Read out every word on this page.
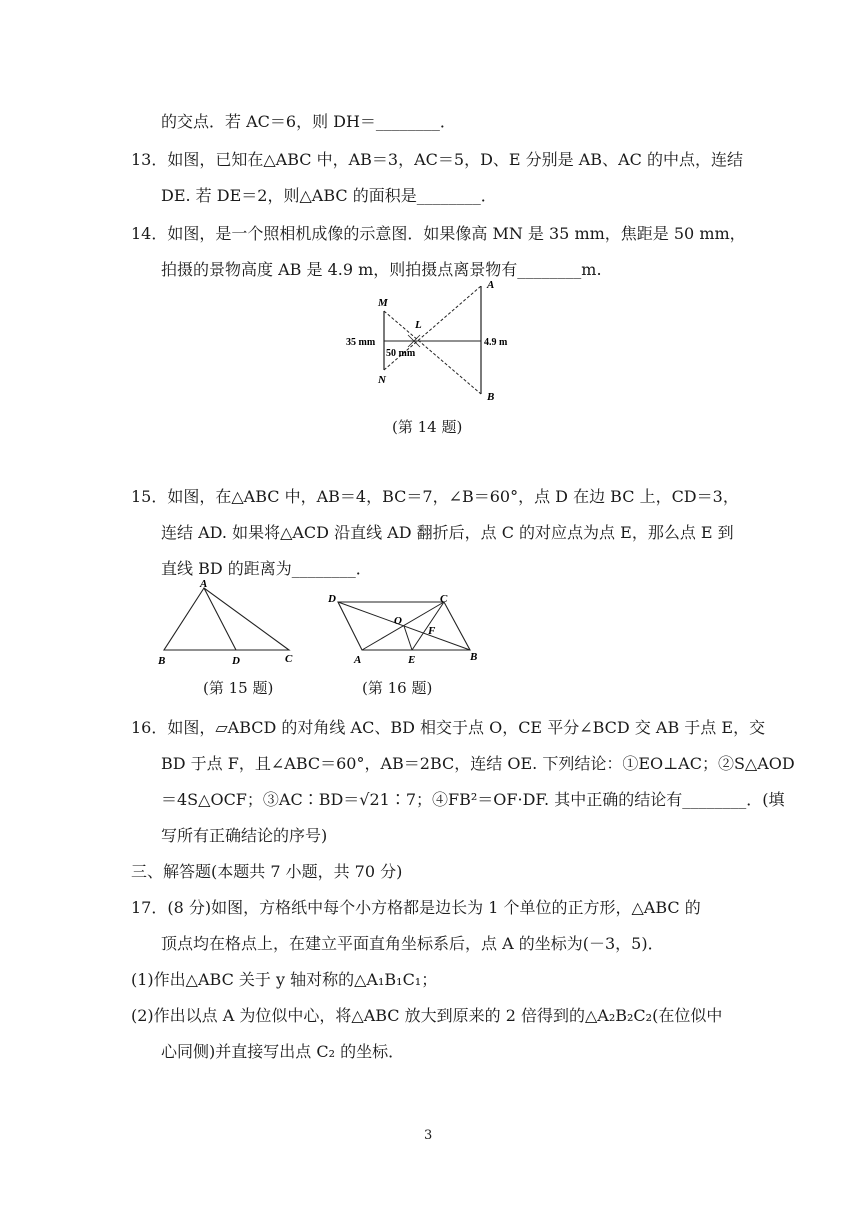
的交点．若 AC＝6，则 DH＝________．
13．如图，已知在△ABC 中，AB＝3，AC＝5，D、E 分别是 AB、AC 的中点，连结
DE. 若 DE＝2，则△ABC 的面积是________．
14．如图，是一个照相机成像的示意图．如果像高 MN 是 35 mm，焦距是 50 mm，
拍摄的景物高度 AB 是 4.9 m，则拍摄点离景物有________m.
15．如图，在△ABC 中，AB＝4，BC＝7，∠B＝60°，点 D 在边 BC 上，CD＝3，
连结 AD. 如果将△ACD 沿直线 AD 翻折后，点 C 的对应点为点 E，那么点 E 到
直线 BD 的距离为________．
16．如图，▱ABCD 的对角线 AC、BD 相交于点 O，CE 平分∠BCD 交 AB 于点 E，交
BD 于点 F，且∠ABC＝60°，AB＝2BC，连结 OE. 下列结论：①EO⊥AC；②S△AOD
＝4S△OCF；③AC∶BD＝√21∶7；④FB²＝OF·DF. 其中正确的结论有________．(填
写所有正确结论的序号)
三、解答题(本题共 7 小题，共 70 分)
17．(8 分)如图，方格纸中每个小方格都是边长为 1 个单位的正方形，△ABC 的
顶点均在格点上，在建立平面直角坐标系后，点 A 的坐标为(－3，5)．
(1)作出△ABC 关于 y 轴对称的△A₁B₁C₁；
(2)作出以点 A 为位似中心，将△ABC 放大到原来的 2 倍得到的△A₂B₂C₂(在位似中
心同侧)并直接写出点 C₂ 的坐标．
M
N
L
A
B
35 mm
50 mm
4.9 m
(第 14 题)
A
B	C
D
(第 15 题)
D	C
O
F
A	E	B
(第 16 题)
3
